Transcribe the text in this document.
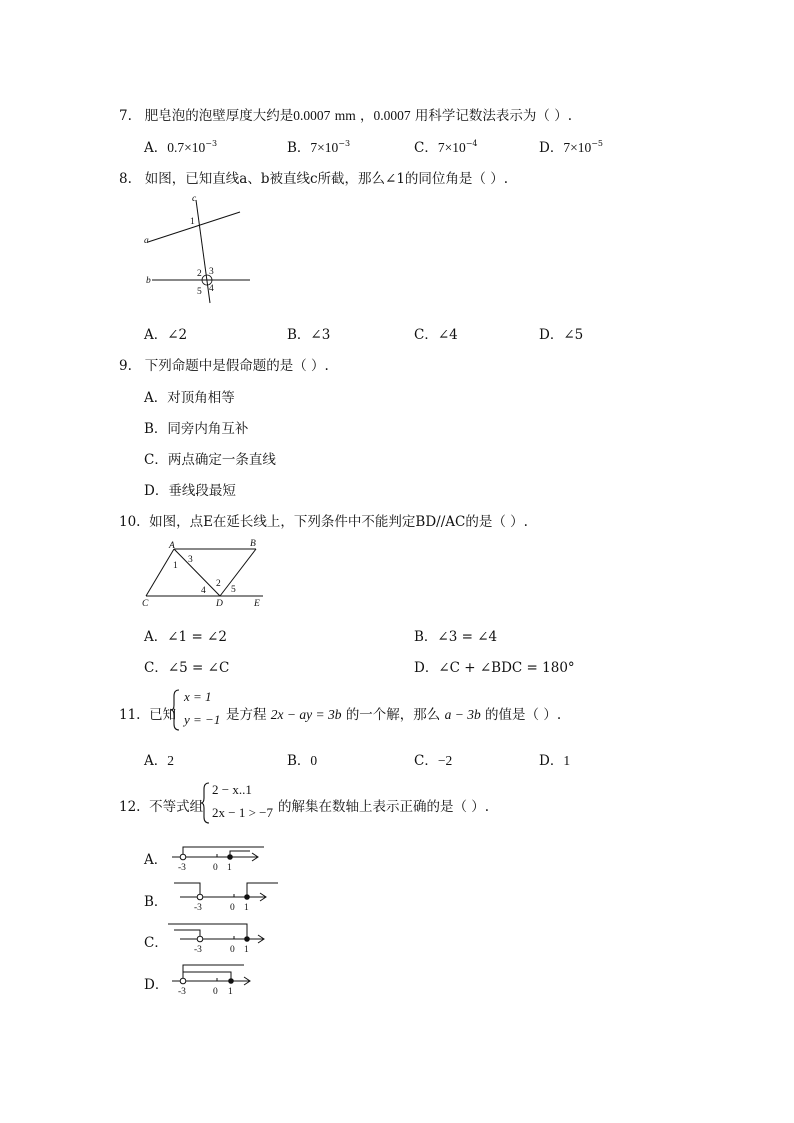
7. 肥皂泡的泡壁厚度大约是0.0007 mm ，0.0007 用科学记数法表示为（ ）.
A．$0.7\times 10^{-3}$	B．$7\times 10^{-3}$	C．$7\times 10^{-4}$	D．$7\times 10^{-5}$
8. 如图，已知直线a、b被直线c所截，那么∠1的同位角是（ ）.
c
1
a
b
2 3
5 4
A．∠2	B．∠3	C．∠4	D．∠5
9. 下列命题中是假命题的是（ ）.
A．对顶角相等
B．同旁内角互补
C．两点确定一条直线
D．垂线段最短
10. 如图，点E在延长线上，下列条件中不能判定BD//AC的是（ ）.
A	B
3
1
2
4	5
C	D	E
A．∠1 = ∠2	B．∠3 = ∠4
C．∠5 = ∠C	D．∠C + ∠BDC = 180°
11. 已知
x = 1
y = −1 是方程 2x − ay = 3b 的一个解，那么 a − 3b 的值是（ ）.
A．2	B．0	C．−2	D．1
12. 不等式组
2 − x..1
2x − 1 > −7 的解集在数轴上表示正确的是（ ）.
A． -3	0 1
B．	-3	0 1
C．	-3	0 1
D． -3	0 1
